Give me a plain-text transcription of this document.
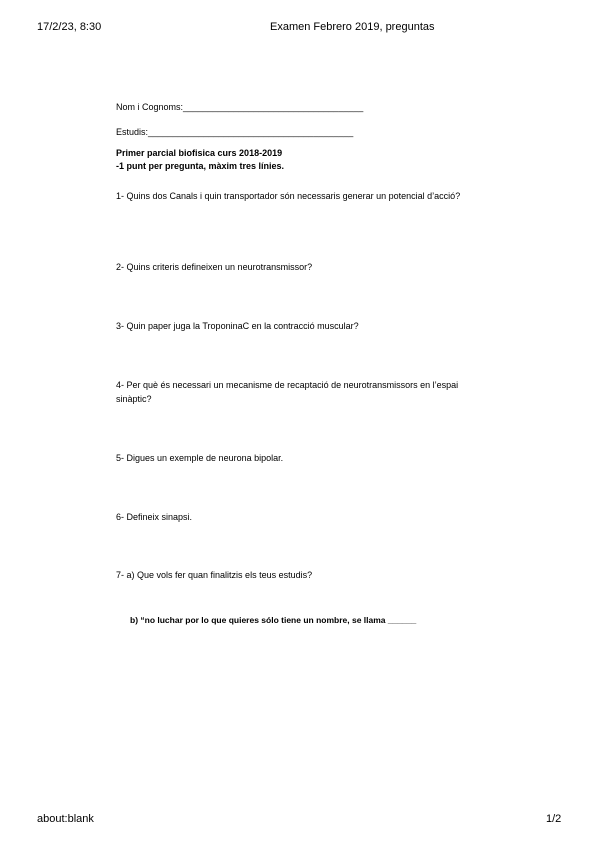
17/2/23, 8:30	Examen Febrero 2019, preguntas
Nom i Cognoms:____________________________________
Estudis:_________________________________________
Primer parcial biofisica curs 2018-2019
-1 punt per pregunta, màxim tres línies.
1- Quins dos Canals i quin transportador són necessaris generar un potencial d’acció?
2- Quins criteris defineixen un neurotransmissor?
3- Quin paper juga la TroponinaC en la contracció muscular?
4- Per què és necessari un mecanisme de recaptació de neurotransmissors en l’espai sinàptic?
5- Digues un exemple de neurona bipolar.
6- Defineix sinapsi.
7- a) Que vols fer quan finalitzis els teus estudis?
b) “no luchar por lo que quieres sólo tiene un nombre, se llama ______
about:blank	1/2
